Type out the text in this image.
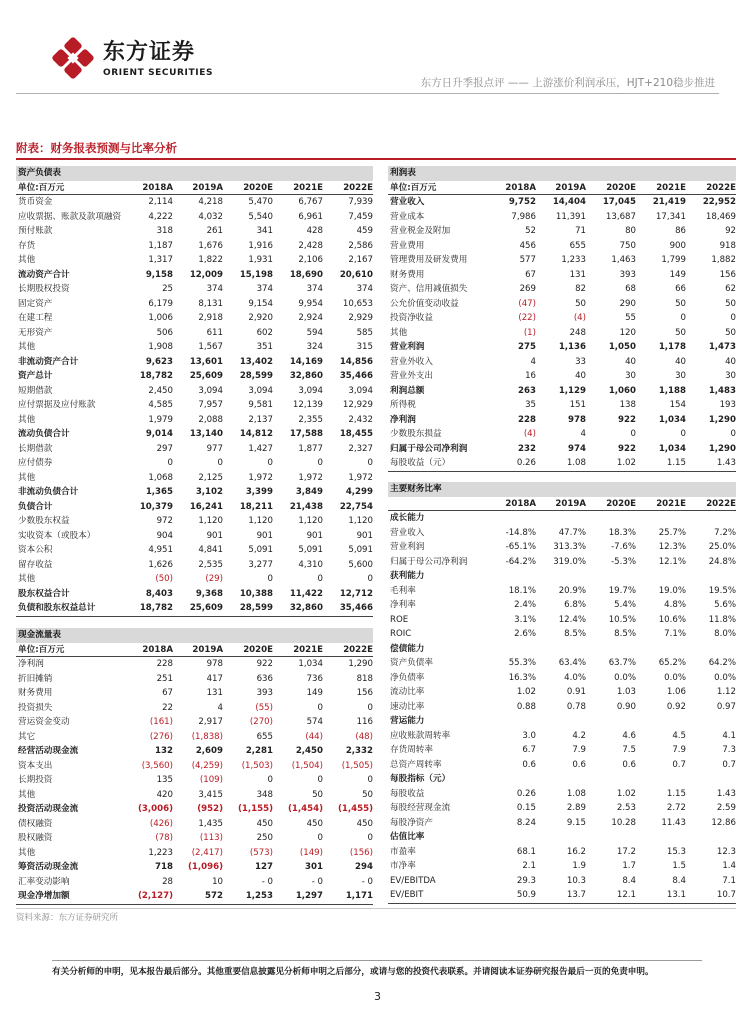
东方证券
ORIENT SECURITIES
东方日升季报点评 —— 上游涨价利润承压，HJT+210稳步推进
附表：财务报表预测与比率分析
资产负债表
单位:百万元	2018A	2019A	2020E	2021E	2022E
货币资金	2,114	4,218	5,470	6,767	7,939
应收票据、账款及款项融资	4,222	4,032	5,540	6,961	7,459
预付账款	318	261	341	428	459
存货	1,187	1,676	1,916	2,428	2,586
其他	1,317	1,822	1,931	2,106	2,167
流动资产合计	9,158	12,009	15,198	18,690	20,610
长期股权投资	25	374	374	374	374
固定资产	6,179	8,131	9,154	9,954	10,653
在建工程	1,006	2,918	2,920	2,924	2,929
无形资产	506	611	602	594	585
其他	1,908	1,567	351	324	315
非流动资产合计	9,623	13,601	13,402	14,169	14,856
资产总计	18,782	25,609	28,599	32,860	35,466
短期借款	2,450	3,094	3,094	3,094	3,094
应付票据及应付账款	4,585	7,957	9,581	12,139	12,929
其他	1,979	2,088	2,137	2,355	2,432
流动负债合计	9,014	13,140	14,812	17,588	18,455
长期借款	297	977	1,427	1,877	2,327
应付债券	0	0	0	0	0
其他	1,068	2,125	1,972	1,972	1,972
非流动负债合计	1,365	3,102	3,399	3,849	4,299
负债合计	10,379	16,241	18,211	21,438	22,754
少数股东权益	972	1,120	1,120	1,120	1,120
实收资本（或股本）	904	901	901	901	901
资本公积	4,951	4,841	5,091	5,091	5,091
留存收益	1,626	2,535	3,277	4,310	5,600
其他	(50)	(29)	0	0	0
股东权益合计	8,403	9,368	10,388	11,422	12,712
负债和股东权益总计	18,782	25,609	28,599	32,860	35,466
现金流量表
单位:百万元	2018A	2019A	2020E	2021E	2022E
净利润	228	978	922	1,034	1,290
折旧摊销	251	417	636	736	818
财务费用	67	131	393	149	156
投资损失	22	4	(55)	0	0
营运资金变动	(161)	2,917	(270)	574	116
其它	(276)	(1,838)	655	(44)	(48)
经营活动现金流	132	2,609	2,281	2,450	2,332
资本支出	(3,560)	(4,259)	(1,503)	(1,504)	(1,505)
长期投资	135	(109)	0	0	0
其他	420	3,415	348	50	50
投资活动现金流	(3,006)	(952)	(1,155)	(1,454)	(1,455)
债权融资	(426)	1,435	450	450	450
股权融资	(78)	(113)	250	0	0
其他	1,223	(2,417)	(573)	(149)	(156)
筹资活动现金流	718	(1,096)	127	301	294
汇率变动影响	28	10	- 0	- 0	- 0
现金净增加额	(2,127)	572	1,253	1,297	1,171
利润表
单位:百万元	2018A	2019A	2020E	2021E	2022E
营业收入	9,752	14,404	17,045	21,419	22,952
营业成本	7,986	11,391	13,687	17,341	18,469
营业税金及附加	52	71	80	86	92
营业费用	456	655	750	900	918
管理费用及研发费用	577	1,233	1,463	1,799	1,882
财务费用	67	131	393	149	156
资产、信用减值损失	269	82	68	66	62
公允价值变动收益	(47)	50	290	50	50
投资净收益	(22)	(4)	55	0	0
其他	(1)	248	120	50	50
营业利润	275	1,136	1,050	1,178	1,473
营业外收入	4	33	40	40	40
营业外支出	16	40	30	30	30
利润总额	263	1,129	1,060	1,188	1,483
所得税	35	151	138	154	193
净利润	228	978	922	1,034	1,290
少数股东损益	(4)	4	0	0	0
归属于母公司净利润	232	974	922	1,034	1,290
每股收益（元）	0.26	1.08	1.02	1.15	1.43
主要财务比率
2018A	2019A	2020E	2021E	2022E
成长能力
营业收入	-14.8%	47.7%	18.3%	25.7%	7.2%
营业利润	-65.1%	313.3%	-7.6%	12.3%	25.0%
归属于母公司净利润	-64.2%	319.0%	-5.3%	12.1%	24.8%
获利能力
毛利率	18.1%	20.9%	19.7%	19.0%	19.5%
净利率	2.4%	6.8%	5.4%	4.8%	5.6%
ROE	3.1%	12.4%	10.5%	10.6%	11.8%
ROIC	2.6%	8.5%	8.5%	7.1%	8.0%
偿债能力
资产负债率	55.3%	63.4%	63.7%	65.2%	64.2%
净负债率	16.3%	4.0%	0.0%	0.0%	0.0%
流动比率	1.02	0.91	1.03	1.06	1.12
速动比率	0.88	0.78	0.90	0.92	0.97
营运能力
应收账款周转率	3.0	4.2	4.6	4.5	4.1
存货周转率	6.7	7.9	7.5	7.9	7.3
总资产周转率	0.6	0.6	0.6	0.7	0.7
每股指标（元）
每股收益	0.26	1.08	1.02	1.15	1.43
每股经营现金流	0.15	2.89	2.53	2.72	2.59
每股净资产	8.24	9.15	10.28	11.43	12.86
估值比率
市盈率	68.1	16.2	17.2	15.3	12.3
市净率	2.1	1.9	1.7	1.5	1.4
EV/EBITDA	29.3	10.3	8.4	8.4	7.1
EV/EBIT	50.9	13.7	12.1	13.1	10.7
资料来源：东方证券研究所
有关分析师的申明，见本报告最后部分。其他重要信息披露见分析师申明之后部分，或请与您的投资代表联系。并请阅读本证券研究报告最后一页的免责申明。
3
